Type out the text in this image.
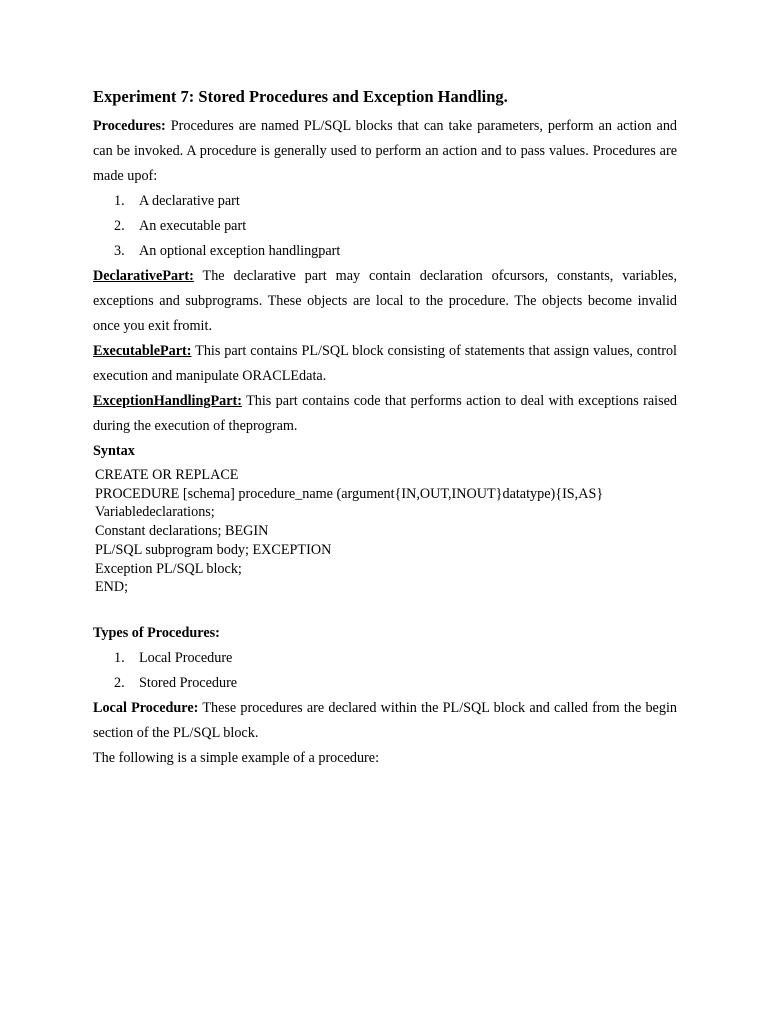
Experiment 7: Stored Procedures and Exception Handling.

Procedures: Procedures are named PL/SQL blocks that can take parameters, perform an action and can be invoked. A procedure is generally used to perform an action and to pass values. Procedures are made upof:

1.	A declarative part
2.	An executable part
3.	An optional exception handlingpart

DeclarativePart: The declarative part may contain declaration ofcursors, constants, variables, exceptions and subprograms. These objects are local to the procedure. The objects become invalid once you exit fromit.

ExecutablePart: This part contains PL/SQL block consisting of statements that assign values, control execution and manipulate ORACLEdata.

ExceptionHandlingPart: This part contains code that performs action to deal with exceptions raised during the execution of theprogram.

Syntax

CREATE OR REPLACE
PROCEDURE [schema] procedure_name (argument{IN,OUT,INOUT}datatype){IS,AS}
Variabledeclarations;
Constant declarations; BEGIN
PL/SQL subprogram body; EXCEPTION
Exception PL/SQL block;
END;

Types of Procedures:

1.	Local Procedure
2.	Stored Procedure

Local Procedure: These procedures are declared within the PL/SQL block and called from the begin section of the PL/SQL block.

The following is a simple example of a procedure:
